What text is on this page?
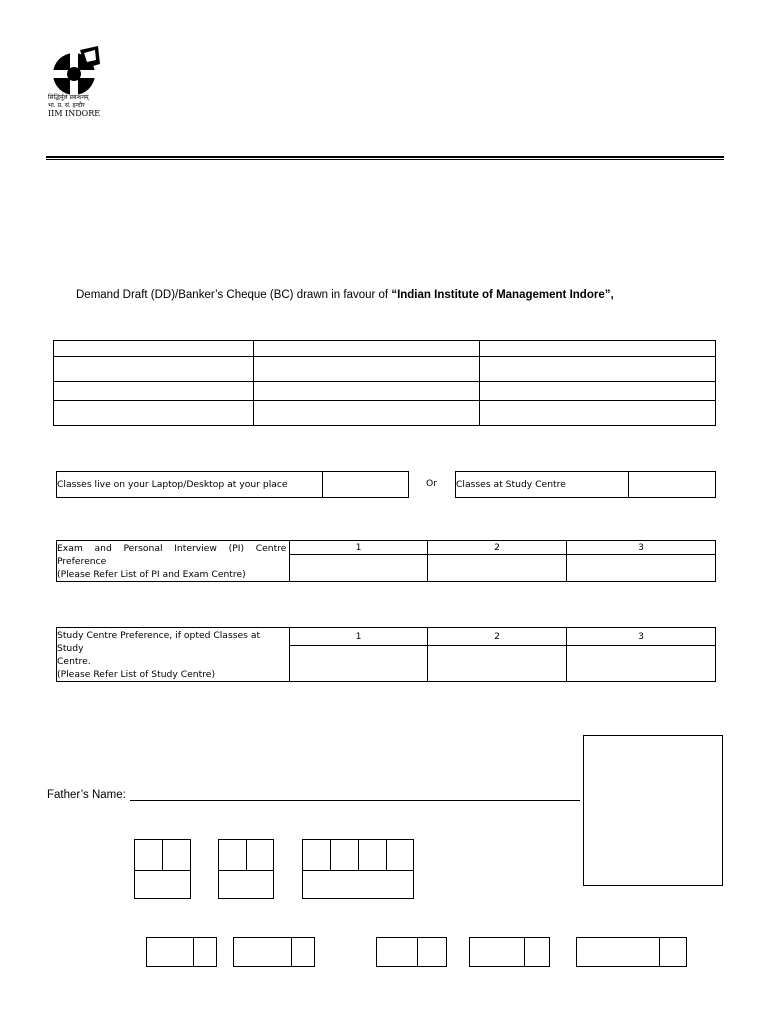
सिद्धिर्मूलं प्रबन्धनम्
भा. प्र. सं. इन्दौर
IIM INDORE
Demand Draft (DD)/Banker’s Cheque (BC) drawn in favour of “Indian Institute of Management Indore”,

Classes live on your Laptop/Desktop at your place		Or Classes at Study Centre	
Exam    and    Personal    Interview    (PI)    Centre
Preference
(Please Refer List of PI and Exam Centre)	1	2	3

Study Centre Preference, if opted Classes at Study
Centre.
(Please Refer List of Study Centre)	1	2	3

Father’s Name:
